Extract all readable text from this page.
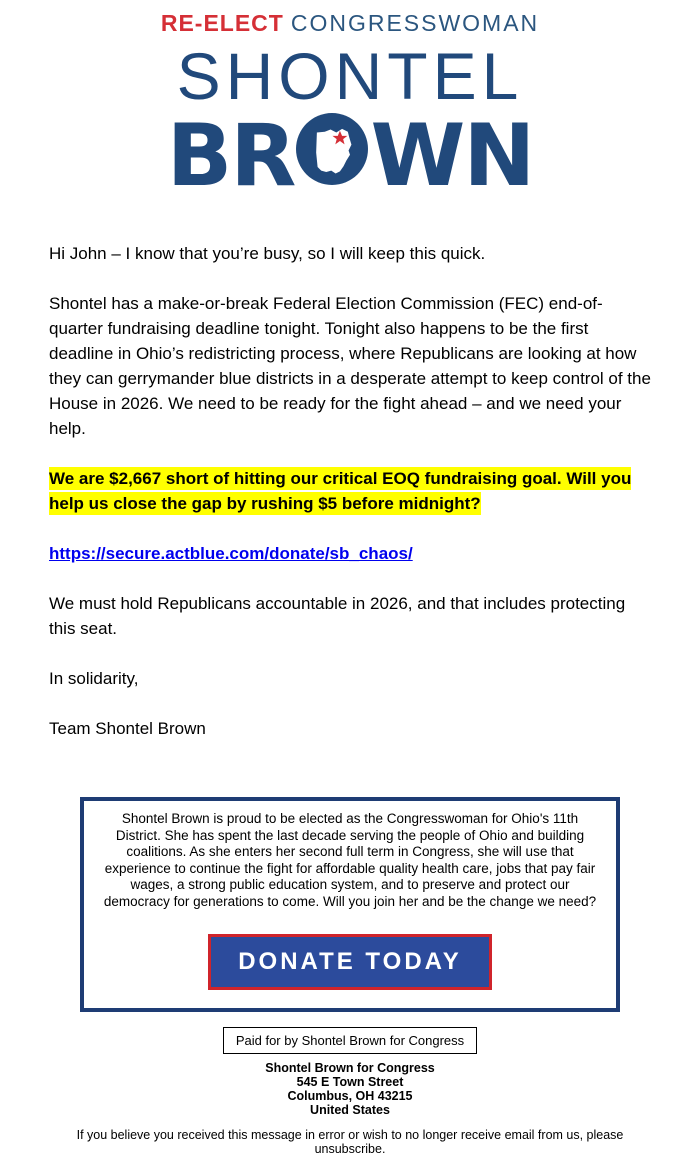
RE-ELECT CONGRESSWOMAN
SHONTEL
BR WN

Hi John – I know that you’re busy, so I will keep this quick.

Shontel has a make-or-break Federal Election Commission (FEC) end-of-quarter fundraising deadline tonight. Tonight also happens to be the first deadline in Ohio’s redistricting process, where Republicans are looking at how they can gerrymander blue districts in a desperate attempt to keep control of the House in 2026. We need to be ready for the fight ahead – and we need your help.

We are $2,667 short of hitting our critical EOQ fundraising goal. Will you help us close the gap by rushing $5 before midnight?

https://secure.actblue.com/donate/sb_chaos/

We must hold Republicans accountable in 2026, and that includes protecting this seat.

In solidarity,

Team Shontel Brown

Shontel Brown is proud to be elected as the Congresswoman for Ohio's 11th District. She has spent the last decade serving the people of Ohio and building coalitions. As she enters her second full term in Congress, she will use that experience to continue the fight for affordable quality health care, jobs that pay fair wages, a strong public education system, and to preserve and protect our democracy for generations to come. Will you join her and be the change we need?

DONATE TODAY
Paid for by Shontel Brown for Congress
Shontel Brown for Congress
545 E Town Street
Columbus, OH 43215
United States

If you believe you received this message in error or wish to no longer receive email from us, please unsubscribe.
